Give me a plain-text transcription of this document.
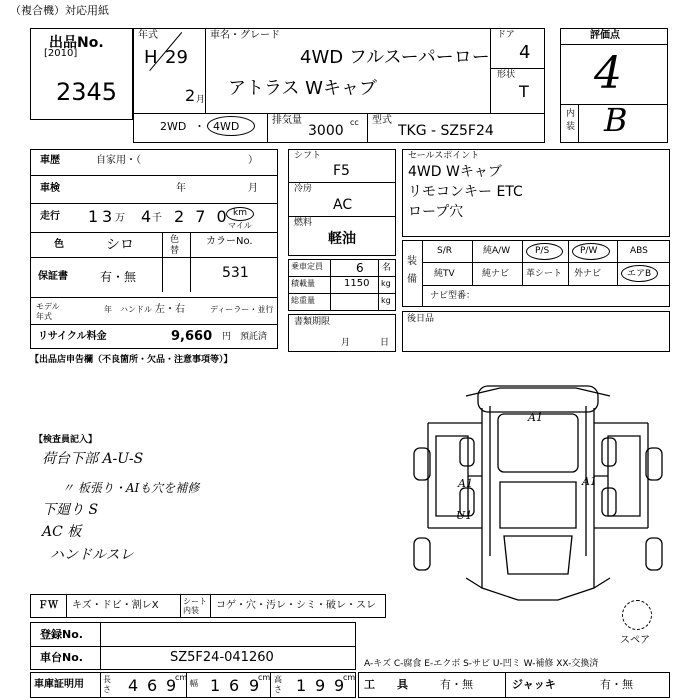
（複合機）対応用紙
出品No.
[2010]
2345
年式
H 29
2 月
車名・グレード
4WD フルスーパーロー
アトラス Wキャブ
ドア
4
形状
T
2WD ・ 4WD	排気量
3000
cc 型式
TKG - SZ5F24
評価点
4
内装 B
車歴	自家用・（	）
車検	年	月
走行 1 3 万 4 千 2 7 0 km
マイル
色	シロ	色替
カラーNo.
531
保証書	有・無
モデル年式
年 ハンドル 左・右	ディーラー・並行
リサイクル料金	9,660 円 預託済
シフト
F5
冷房
AC
燃料
軽油
乗車定員	6 名
積載量	1150 kg
総重量	kg
書類期限
月	日
セールスポイント
4WD Wキャブ
リモコンキー ETC
ロープ穴
装備
S/R	純A/W	P/S	P/W	ABS
純TV	純ナビ 革シート 外ナビ	エアB
ナビ型番：
後日品
【出品店申告欄（不良箇所・欠品・注意事項等）】
【検査員記入】
荷台下部 A-U-S
〃 板張り・AIも穴を補修
下廻り S
AC 板
ハンドルスレ
A1	A1
U1
A1
スペア
ＦＷ キズ・ドビ・割レX	シート内装	コゲ・穴・汚レ・シミ・破レ・スレ
登録No.
車台No.	SZ5F24-041260
車庫証明用 長さ 4 6 9
cm
幅 1 6 9
cm 高さ 1 9 9
cm
A-キズ C-腐食 E-エクボ S-サビ U-凹ミ W-補修 XX-交換済
工　　具	有・無	ジャッキ	有・無
